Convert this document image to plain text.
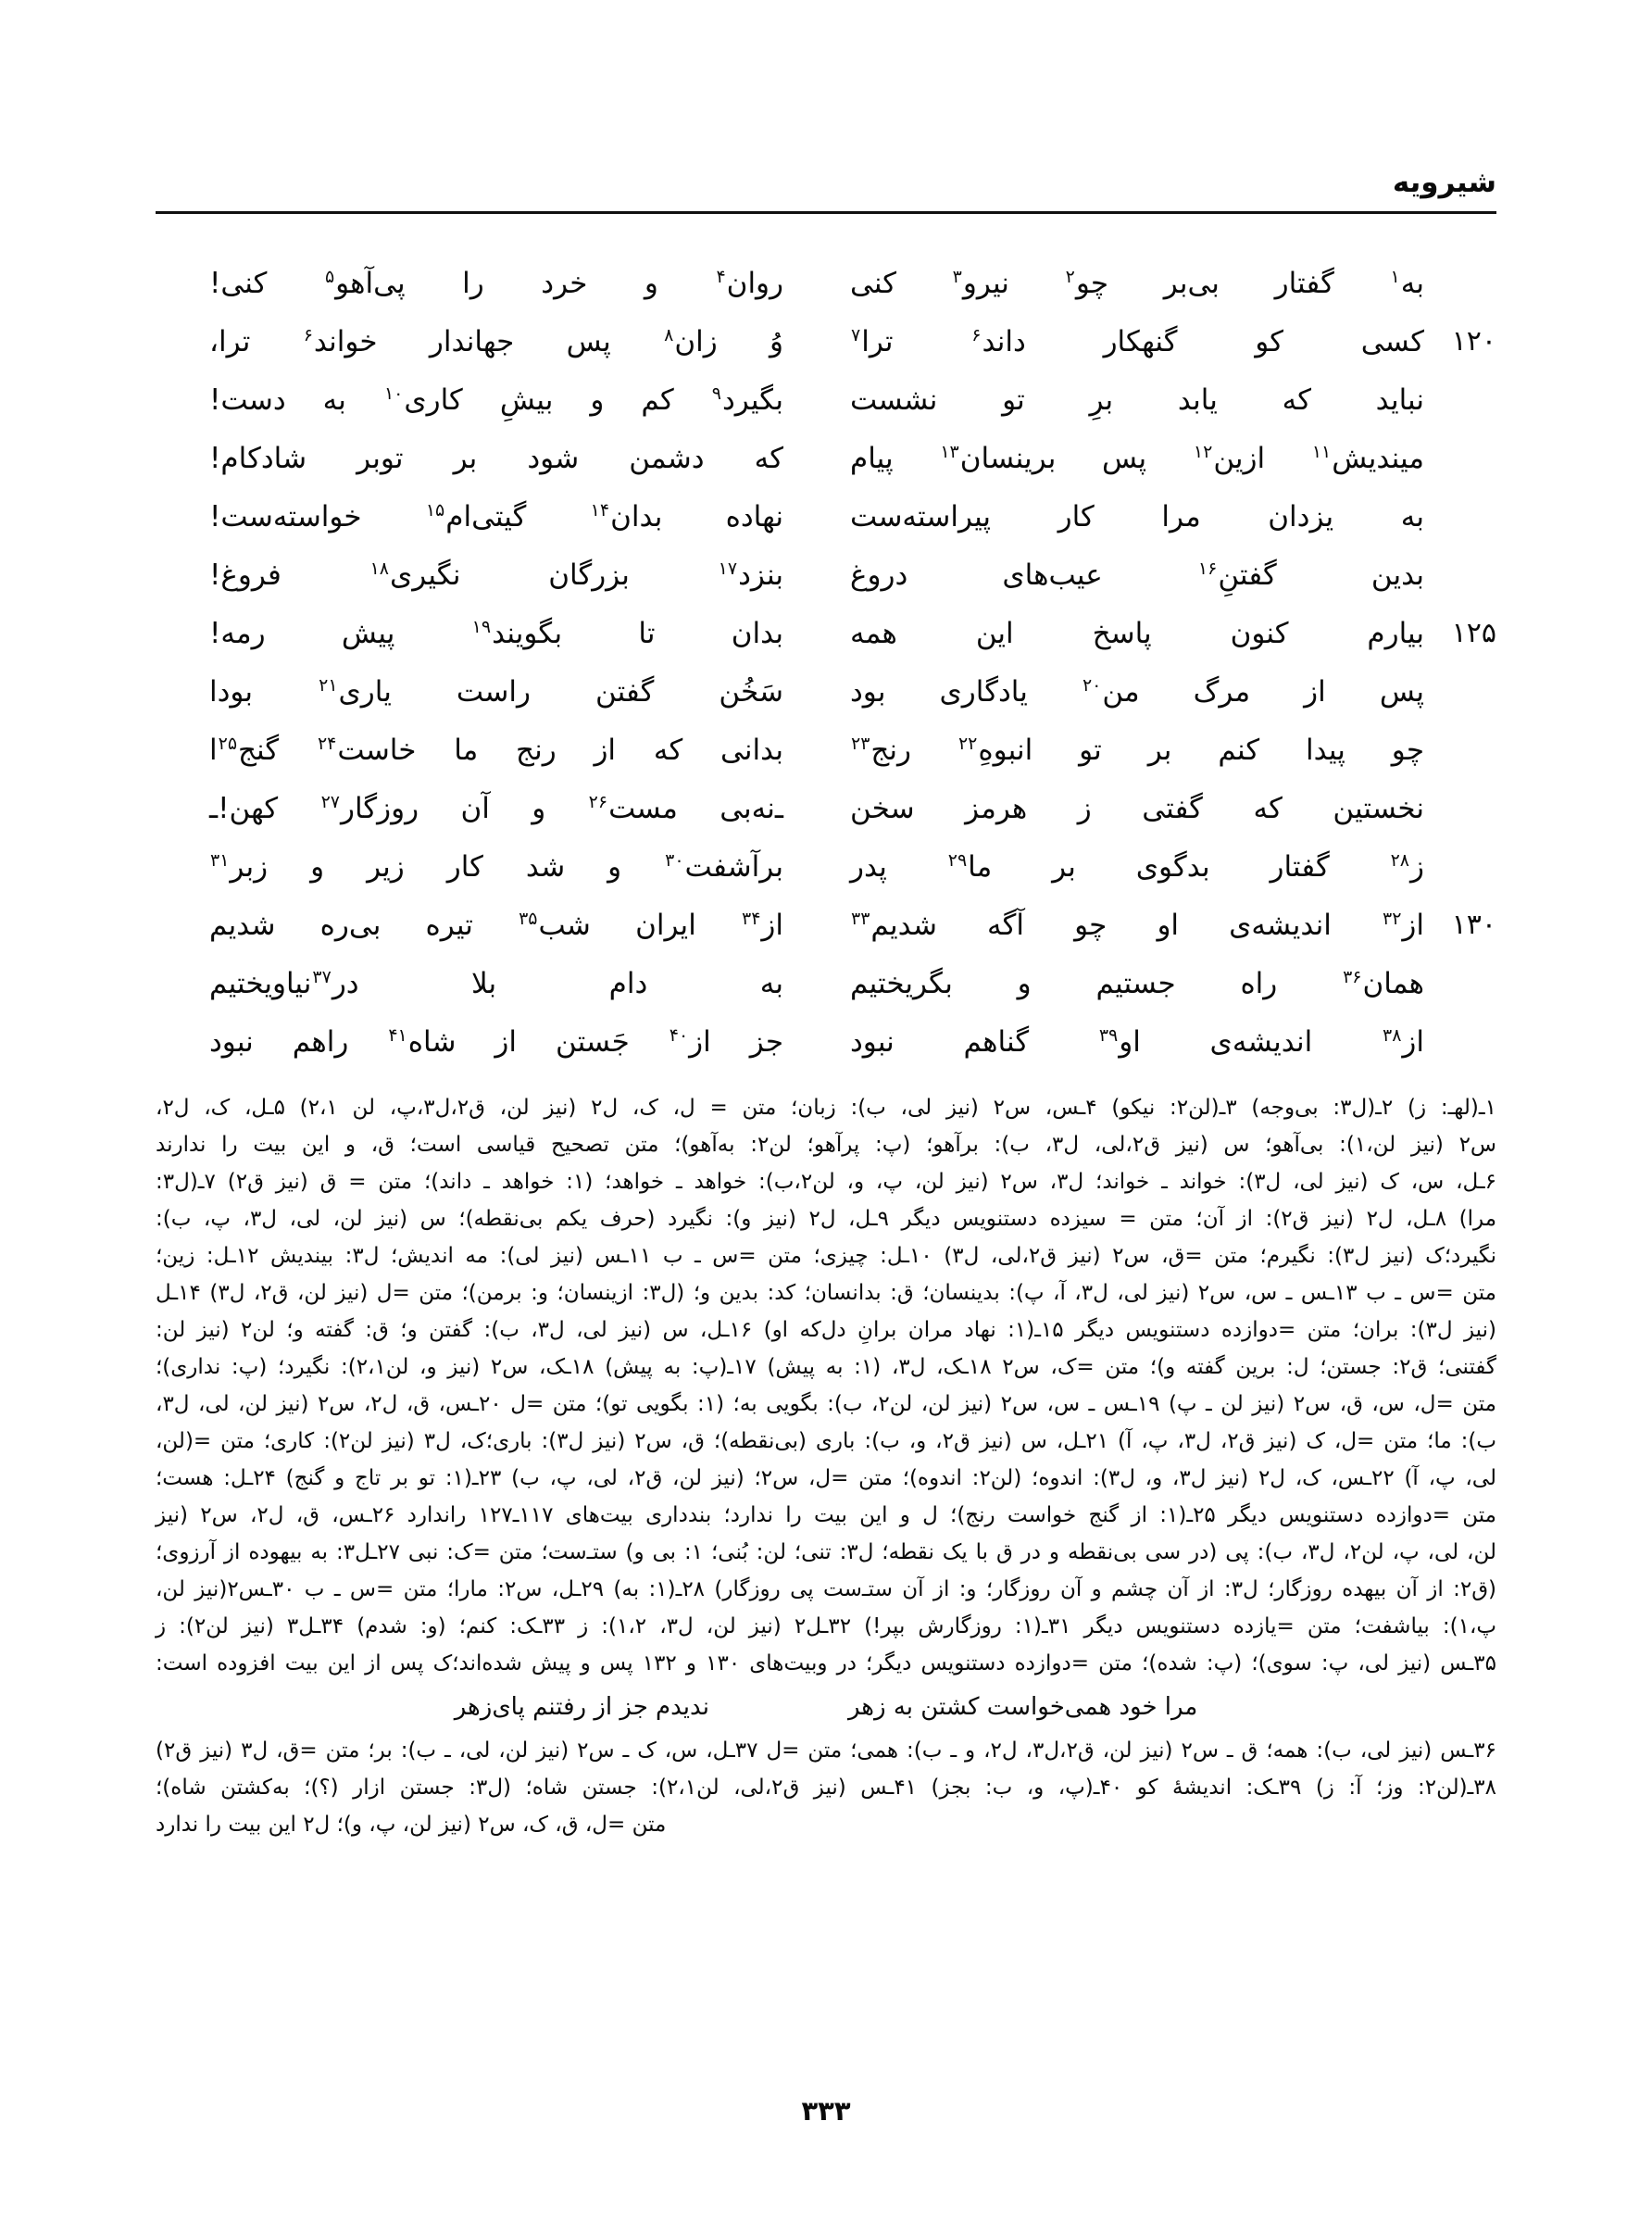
شیرویه
به$^۱$ گفتار بی‌بر چو$^۲$ نیرو$^۳$ کنی
روان$^۴$ و خرد را پی‌آهو$^۵$ کنی!
۱۲۰
کسی کو گنهکار داند$^۶$ ترا$^۷$
وُ زان$^۸$ پس جهاندار خواند$^۶$ ترا،
نباید که یابد برِ تو نشست
بگیرد$^۹$ کم و بیشِ کاری$^{۱۰}$ به دست!
میندیش$^{۱۱}$ ازین$^{۱۲}$ پس برینسان$^{۱۳}$ پیام
که دشمن شود بر توبر شادکام!
به یزدان مرا کار پیراسته‌ست
نهاده بدان$^{۱۴}$ گیتی‌ام$^{۱۵}$ خواسته‌ست!
بدین گفتنِ$^{۱۶}$ عیب‌های دروغ
بنزد$^{۱۷}$ بزرگان نگیری$^{۱۸}$ فروغ!
۱۲۵
بیارم کنون پاسخ این همه
بدان تا بگویند$^{۱۹}$ پیش رمه!
پس از مرگ من$^{۲۰}$ یادگاری بود
سَخُن گفتن راست یاری$^{۲۱}$ بودا
چو پیدا کنم بر تو انبوهِ$^{۲۲}$ رنج$^{۲۳}$
بدانی که از رنج ما خاست$^{۲۴}$ گنج$^{۲۵}$ا
نخستین که گفتی ز هرمز سخن
ـ‌نه‌بی مست$^{۲۶}$ و آن روزگار$^{۲۷}$ کهن!ـ
ز$^{۲۸}$ گفتار بدگوی بر ما$^{۲۹}$ پدر
برآشفت$^{۳۰}$ و شد کار زیر و زبر$^{۳۱}$
۱۳۰
از$^{۳۲}$ اندیشه‌ی او چو آگه شدیم$^{۳۳}$
از$^{۳۴}$ ایران شب$^{۳۵}$ تیره بی‌ره شدیم
همان$^{۳۶}$ راه جستیم و بگریختیم
به دام بلا در$^{۳۷}$نیاویختیم
از$^{۳۸}$ اندیشه‌ی او$^{۳۹}$ گناهم نبود
جز از$^{۴۰}$ جَستن از شاه$^{۴۱}$ راهم نبود
۱ـ(لهـ: ز) ۲ـ(ل۳: بی‌وجه) ۳ـ(لن۲: نیکو) ۴ـس، س۲ (نیز لی، ب): زبان؛ متن = ل، ک، ل۲ (نیز لن، ق۲،ل۳،پ، لن ۲،۱) ۵ـل، ک، ل۲،
س۲ (نیز لن،۱): بی‌آهو؛ س (نیز ق۲،لی، ل۳، ب): برآهو؛ (پ: پرآهو؛ لن۲: به‌آهو)؛ متن تصحیح قیاسی است؛ ق، و این بیت را ندارند
۶ـل، س، ک (نیز لی، ل۳): خواند ـ خواند؛ ل۳، س۲ (نیز لن، پ، و، لن۲،ب): خواهد ـ خواهد؛ (۱: خواهد ـ داند)؛ متن = ق (نیز ق۲) ۷ـ(ل۳:
مرا) ۸ـل، ل۲ (نیز ق۲): از آن؛ متن = سیزده دستنویس دیگر ۹ـل، ل۲ (نیز و): نگیرد (حرف یکم بی‌نقطه)؛ س (نیز لن، لی، ل۳، پ، ب):
نگیرد؛ک (نیز ل۳): نگیرم؛ متن =ق، س۲ (نیز ق۲،لی، ل۳) ۱۰ـل: چیزی؛ متن =س ـ ب ۱۱ـس (نیز لی): مه اندیش؛ ل۳: بیندیش ۱۲ـل: زین؛
متن =س ـ ب ۱۳ـس ـ س، س۲ (نیز لی، ل۳، آ، پ): بدینسان؛ ق: بدانسان؛ کد: بدین و؛ (ل۳: ازینسان؛ و: برمن)؛ متن =ل (نیز لن، ق۲، ل۳) ۱۴ـل
(نیز ل۳): بران؛ متن =دوازده دستنویس دیگر ۱۵ـ(۱: نهاد مران برانِ دل‌که او) ۱۶ـل، س (نیز لی، ل۳، ب): گفتن و؛ ق: گفته و؛ لن۲ (نیز لن:
گفتنی؛ ق۲: جستن؛ ل: برین گفته و)؛ متن =ک، س۲ ۱۸ـک، ل۳، (۱: به پیش) ۱۷ـ(پ: به پیش) ۱۸ـک، س۲ (نیز و، لن۲،۱): نگیرد؛ (پ: نداری)؛
متن =ل، س، ق، س۲ (نیز لن ـ پ) ۱۹ـس ـ س، س۲ (نیز لن، لن۲، ب): بگویی به؛ (۱: بگویی تو)؛ متن =ل ۲۰ـس، ق، ل۲، س۲ (نیز لن، لی، ل۳،
ب): ما؛ متن =ل، ک (نیز ق۲، ل۳، پ، آ) ۲۱ـل، س (نیز ق۲، و، ب): باری (بی‌نقطه)؛ ق، س۲ (نیز ل۳): باری؛ک، ل۳ (نیز لن۲): کاری؛ متن =(لن،
لی، پ، آ) ۲۲ـس، ک، ل۲ (نیز ل۳، و، ل۳): اندوه؛ (لن۲: اندوه)؛ متن =ل، س۲؛ (نیز لن، ق۲، لی، پ، ب) ۲۳ـ(۱: تو بر تاج و گنج) ۲۴ـل: هست؛
متن =دوازده دستنویس دیگر ۲۵ـ(۱: از گنج خواست رنج)؛ ل و این بیت را ندارد؛ بندداری بیت‌های ۱۱۷ـ۱۲۷ راندارد ۲۶ـس، ق، ل۲، س۲ (نیز
لن، لی، پ، لن۲، ل۳، ب): پی (در سی بی‌نقطه و در ق با یک نقطه؛ ل۳: تنی؛ لن: بُنی؛ ۱: بی و) ستـ‌ست؛ متن =ک: نبی ۲۷ـل۳: به بیهوده از آرزوی؛
(ق۲: از آن بیهده روزگار؛ ل۳: از آن چشم و آن روزگار؛ و: از آن ستـ‌ست پی روزگار) ۲۸ـ(۱: به) ۲۹ـل، س۲: مارا؛ متن =س ـ ب ۳۰ـس۲(نیز لن،
پ،۱): بیاشفت؛ متن =یازده دستنویس دیگر ۳۱ـ(۱: روزگارش بپر!) ۳۲ـل۲ (نیز لن، ل۳، ۱،۲): ز ۳۳ـک: کنم؛ (و: شدم) ۳۴ـل۳ (نیز لن۲): ز
۳۵ـس (نیز لی، پ: سوی)؛ (پ: شده)؛ متن =دوازده دستنویس دیگر؛ در وبیت‌های ۱۳۰ و ۱۳۲ پس و پیش شده‌اند؛ک پس از این بیت افزوده است:
مرا خود همی‌خواست کشتن به زهر
ندیدم جز از رفتنم پای‌زهر
۳۶ـس (نیز لی، ب): همه؛ ق ـ س۲ (نیز لن، ق۲،ل۳، ل۲، و ـ ب): همی؛ متن =ل ۳۷ـل، س، ک ـ س۲ (نیز لن، لی، ـ ب): بر؛ متن =ق، ل۳ (نیز ق۲)
۳۸ـ(لن۲: وز؛ آ: ز) ۳۹ـک: اندیشهٔ کو ۴۰ـ(پ، و، ب: بجز) ۴۱ـس (نیز ق۲،لی، لن۲،۱): جستن شاه؛ (ل۳: جستن ازار (؟)؛ به‌کشتن شاه)؛
متن =ل، ق، ک، س۲ (نیز لن، پ، و)؛ ل۲ این بیت را ندارد
۳۳۳
